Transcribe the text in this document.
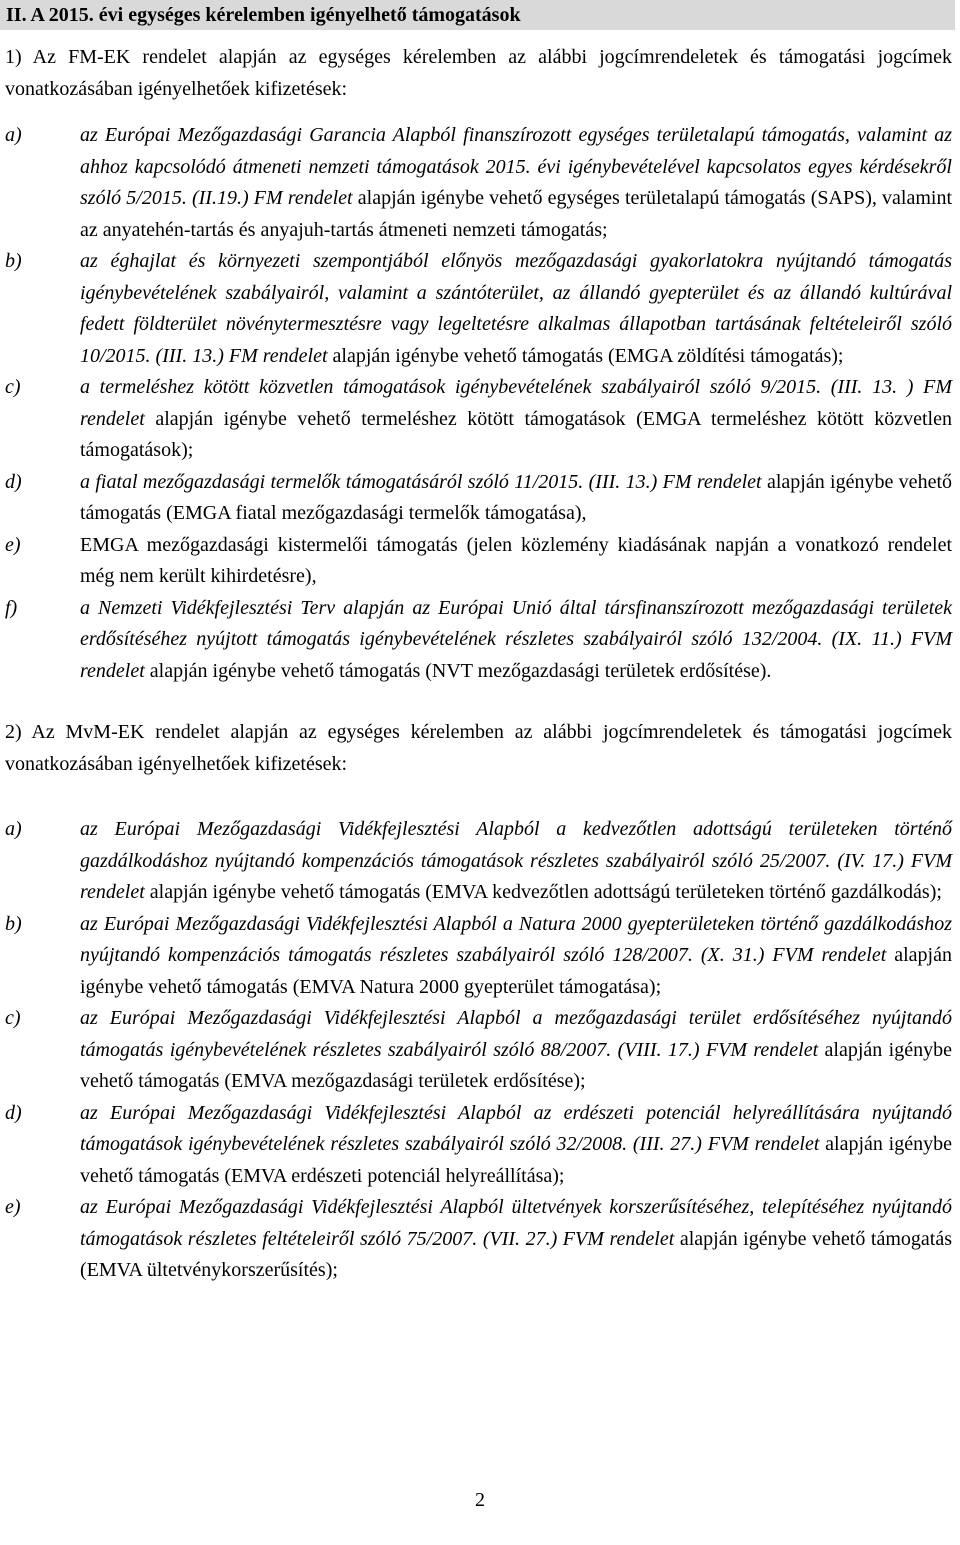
II. A 2015. évi egységes kérelemben igényelhető támogatások
1) Az FM-EK rendelet alapján az egységes kérelemben az alábbi jogcímrendeletek és támogatási jogcímek vonatkozásában igényelhetőek kifizetések:
a)	az Európai Mezőgazdasági Garancia Alapból finanszírozott egységes területalapú támogatás, valamint az ahhoz kapcsolódó átmeneti nemzeti támogatások 2015. évi igénybevételével kapcsolatos egyes kérdésekről szóló 5/2015. (II.19.) FM rendelet alapján igénybe vehető egységes területalapú támogatás (SAPS), valamint az anyatehén-tartás és anyajuh-tartás átmeneti nemzeti támogatás;
b)	az éghajlat és környezeti szempontjából előnyös mezőgazdasági gyakorlatokra nyújtandó támogatás igénybevételének szabályairól, valamint a szántóterület, az állandó gyepterület és az állandó kultúrával fedett földterület növénytermesztésre vagy legeltetésre alkalmas állapotban tartásának feltételeiről szóló 10/2015. (III. 13.) FM rendelet alapján igénybe vehető támogatás (EMGA zöldítési támogatás);
c)	a termeléshez kötött közvetlen támogatások igénybevételének szabályairól szóló 9/2015. (III. 13. ) FM rendelet alapján igénybe vehető termeléshez kötött támogatások (EMGA termeléshez kötött közvetlen támogatások);
d)	a fiatal mezőgazdasági termelők támogatásáról szóló 11/2015. (III. 13.) FM rendelet alapján igénybe vehető támogatás (EMGA fiatal mezőgazdasági termelők támogatása),
e)	EMGA mezőgazdasági kistermelői támogatás (jelen közlemény kiadásának napján a vonatkozó rendelet még nem került kihirdetésre),
f)	a Nemzeti Vidékfejlesztési Terv alapján az Európai Unió által társfinanszírozott mezőgazdasági területek erdősítéséhez nyújtott támogatás igénybevételének részletes szabályairól szóló 132/2004. (IX. 11.) FVM rendelet alapján igénybe vehető támogatás (NVT mezőgazdasági területek erdősítése).
2) Az MvM-EK rendelet alapján az egységes kérelemben az alábbi jogcímrendeletek és támogatási jogcímek vonatkozásában igényelhetőek kifizetések:
a)	az Európai Mezőgazdasági Vidékfejlesztési Alapból a kedvezőtlen adottságú területeken történő gazdálkodáshoz nyújtandó kompenzációs támogatások részletes szabályairól szóló 25/2007. (IV. 17.) FVM rendelet alapján igénybe vehető támogatás (EMVA kedvezőtlen adottságú területeken történő gazdálkodás);
b)	az Európai Mezőgazdasági Vidékfejlesztési Alapból a Natura 2000 gyepterületeken történő gazdálkodáshoz nyújtandó kompenzációs támogatás részletes szabályairól szóló 128/2007. (X. 31.) FVM rendelet alapján igénybe vehető támogatás (EMVA Natura 2000 gyepterület támogatása);
c)	az Európai Mezőgazdasági Vidékfejlesztési Alapból a mezőgazdasági terület erdősítéséhez nyújtandó támogatás igénybevételének részletes szabályairól szóló 88/2007. (VIII. 17.) FVM rendelet alapján igénybe vehető támogatás (EMVA mezőgazdasági területek erdősítése);
d)	az Európai Mezőgazdasági Vidékfejlesztési Alapból az erdészeti potenciál helyreállítására nyújtandó támogatások igénybevételének részletes szabályairól szóló 32/2008. (III. 27.) FVM rendelet alapján igénybe vehető támogatás (EMVA erdészeti potenciál helyreállítása);
e)	az Európai Mezőgazdasági Vidékfejlesztési Alapból ültetvények korszerűsítéséhez, telepítéséhez nyújtandó támogatások részletes feltételeiről szóló 75/2007. (VII. 27.) FVM rendelet alapján igénybe vehető támogatás (EMVA ültetvénykorszerűsítés);
2
